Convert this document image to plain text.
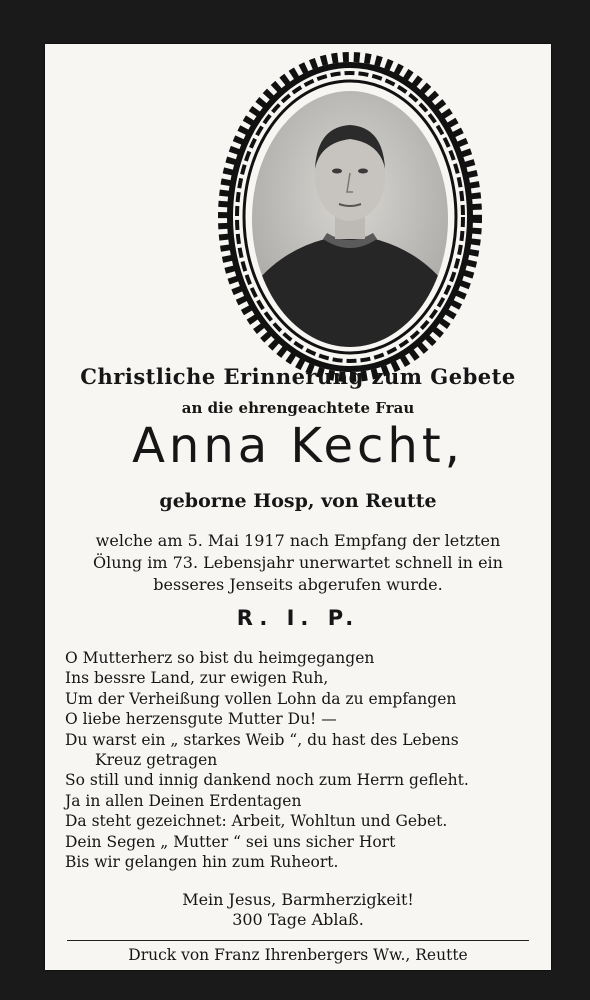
Christliche Erinnerung zum Gebete
an die ehrengeachtete Frau
Anna Kecht,
geborne Hosp, von Reutte
welche am 5. Mai 1917 nach Empfang der letzten
Ölung im 73. Lebensjahr unerwartet schnell in ein
besseres Jenseits abgerufen wurde.
R. I. P.
O Mutterherz so bist du heimgegangen
Ins bessre Land, zur ewigen Ruh,
Um der Verheißung vollen Lohn da zu empfangen
O liebe herzensgute Mutter Du! —
Du warst ein „ starkes Weib “, du hast des Lebens
Kreuz getragen
So still und innig dankend noch zum Herrn gefleht.
Ja in allen Deinen Erdentagen
Da steht gezeichnet: Arbeit, Wohltun und Gebet.
Dein Segen „ Mutter “ sei uns sicher Hort
Bis wir gelangen hin zum Ruheort.
Mein Jesus, Barmherzigkeit!
300 Tage Ablaß.
Druck von Franz Ihrenbergers Ww., Reutte
